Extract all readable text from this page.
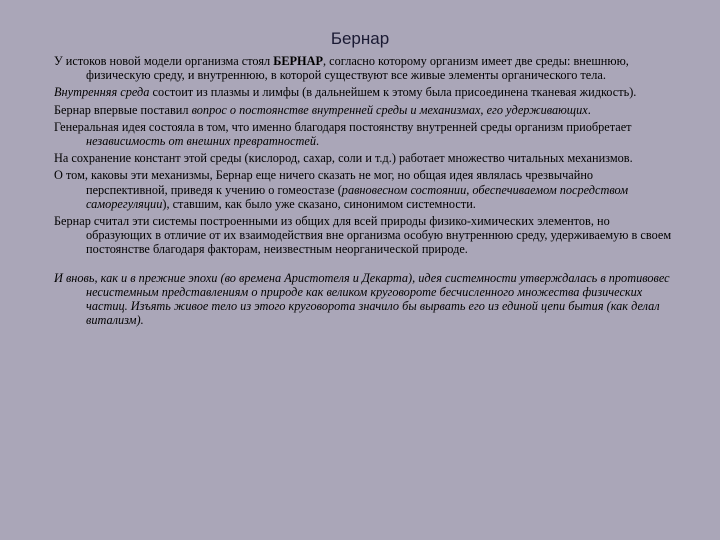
Бернар

У истоков новой модели организма стоял БЕРНАР, согласно которому организм имеет две среды: внешнюю, физическую среду, и внутреннюю, в которой существуют все живые элементы органического тела.

Внутренняя среда состоит из плазмы и лимфы (в дальнейшем к этому была присоединена тканевая жидкость).

Бернар впервые поставил вопрос о постоянстве внутренней среды и механизмах, его удерживающих.

Генеральная идея состояла в том, что именно благодаря постоянству внутренней среды организм приобретает независимость от внешних превратностей.

На сохранение констант этой среды (кислород, сахар, соли и т.д.) работает множество читальных механизмов.

О том, каковы эти механизмы, Бернар еще ничего сказать не мог, но общая идея являлась чрезвычайно перспективной, приведя к учению о гомеостазе (равновесном состоянии, обеспечиваемом посредством саморегуляции), ставшим, как было уже сказано, синонимом системности.

Бернар считал эти системы построенными из общих для всей природы физико-химических элементов, но образующих в отличие от их взаимодействия вне организма особую внутреннюю среду, удерживаемую в своем постоянстве благодаря факторам, неизвестным неорганической природе.

И вновь, как и в прежние эпохи (во времена Аристотеля и Декарта), идея системности утверждалась в противовес несистемным представлениям о природе как великом круговороте бесчисленного множества физических частиц. Изъять живое тело из этого круговорота значило бы вырвать его из единой цепи бытия (как делал витализм).
